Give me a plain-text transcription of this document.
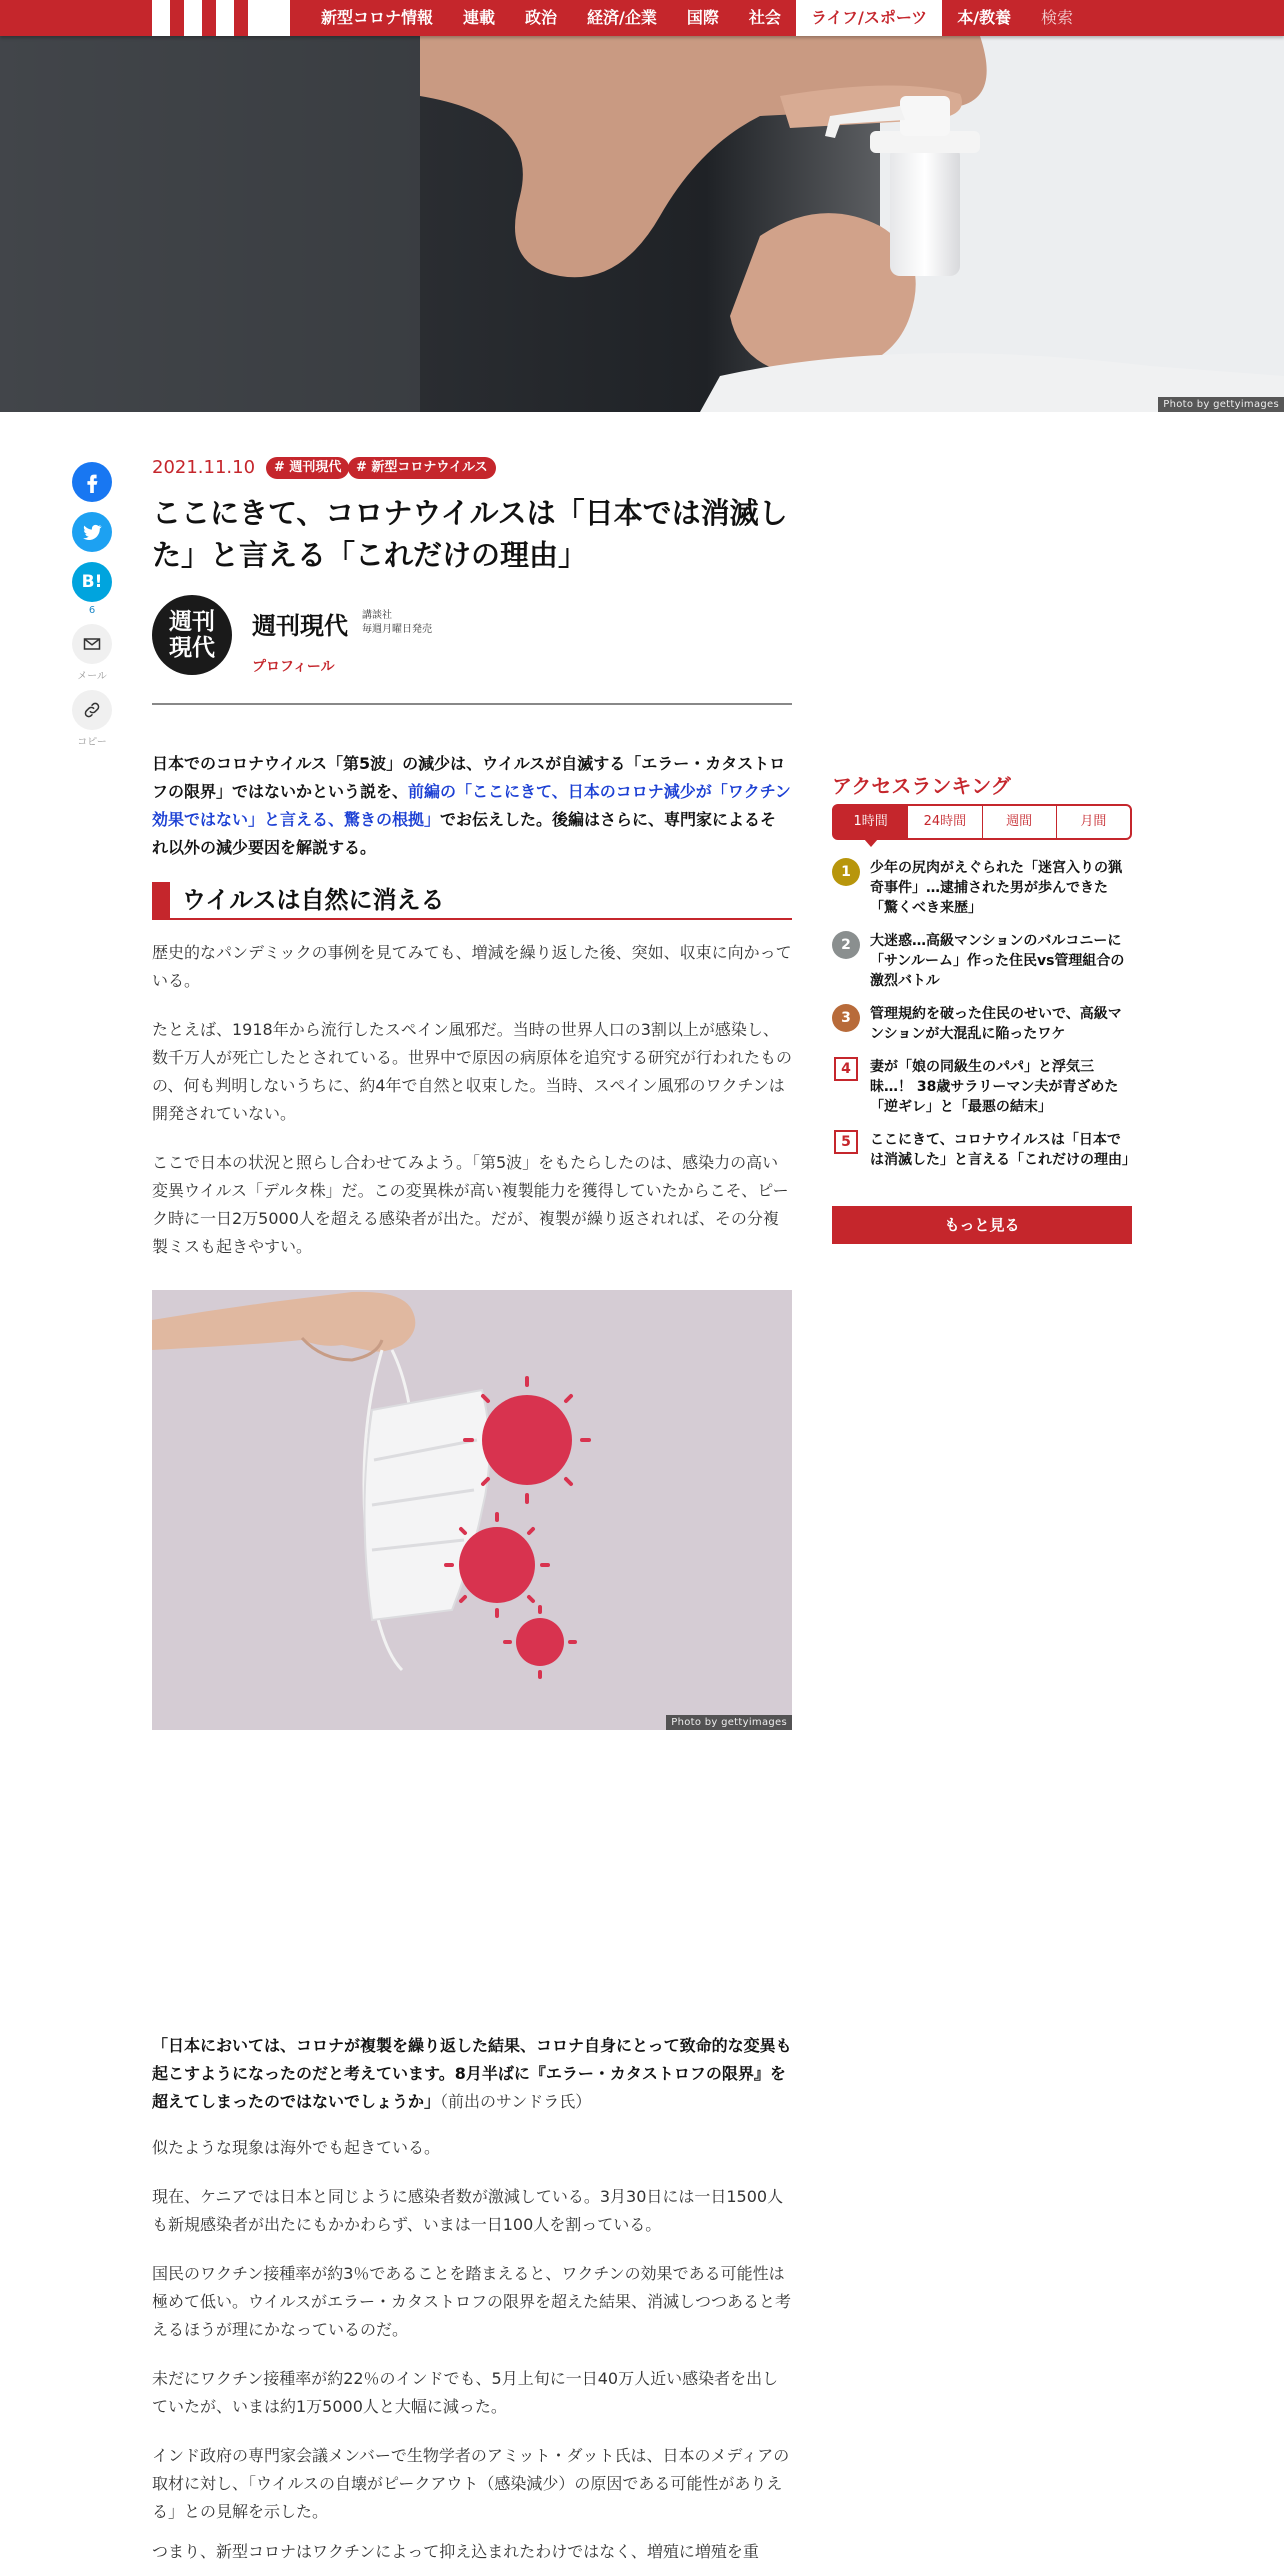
新型コロナ情報	連載	政治	経済/企業	国際	社会	ライフ/スポーツ	本/教養	検索
Photo by gettyimages
B!
6
メール
コピー
2021.11.10	# 週刊現代	# 新型コロナウイルス
ここにきて、コロナウイルスは「日本では消滅した」と言える「これだけの理由」
週刊
現代
週刊現代 講談社
毎週月曜日発売
プロフィール
日本でのコロナウイルス「第5波」の減少は、ウイルスが自滅する「エラー・カタストロフの限界」ではないかという説を、前編の「ここにきて、日本のコロナ減少が「ワクチン効果ではない」と言える、驚きの根拠」でお伝えした。後編はさらに、専門家によるそれ以外の減少要因を解説する。
ウイルスは自然に消える

歴史的なパンデミックの事例を見てみても、増減を繰り返した後、突如、収束に向かっている。

たとえば、1918年から流行したスペイン風邪だ。当時の世界人口の3割以上が感染し、数千万人が死亡したとされている。世界中で原因の病原体を追究する研究が行われたものの、何も判明しないうちに、約4年で自然と収束した。当時、スペイン風邪のワクチンは開発されていない。

ここで日本の状況と照らし合わせてみよう。「第5波」をもたらしたのは、感染力の高い変異ウイルス「デルタ株」だ。この変異株が高い複製能力を獲得していたからこそ、ピーク時に一日2万5000人を超える感染者が出た。だが、複製が繰り返されれば、その分複製ミスも起きやすい。

Photo by gettyimages

「日本においては、コロナが複製を繰り返した結果、コロナ自身にとって致命的な変異も起こすようになったのだと考えています。8月半ばに『エラー・カタストロフの限界』を超えてしまったのではないでしょうか」（前出のサンドラ氏）

似たような現象は海外でも起きている。

現在、ケニアでは日本と同じように感染者数が激減している。3月30日には一日1500人も新規感染者が出たにもかかわらず、いまは一日100人を割っている。

国民のワクチン接種率が約3％であることを踏まえると、ワクチンの効果である可能性は極めて低い。ウイルスがエラー・カタストロフの限界を超えた結果、消滅しつつあると考えるほうが理にかなっているのだ。

未だにワクチン接種率が約22％のインドでも、5月上旬に一日40万人近い感染者を出していたが、いまは約1万5000人と大幅に減った。

インド政府の専門家会議メンバーで生物学者のアミット・ダット氏は、日本のメディアの取材に対し、「ウイルスの自壊がピークアウト（感染減少）の原因である可能性がありえる」との見解を示した。

つまり、新型コロナはワクチンによって抑え込まれたわけではなく、増殖に増殖を重

アクセスランキング
1時間	24時間	週間	月間
1	少年の尻肉がえぐられた「迷宮入りの猟奇事件」…逮捕された男が歩んできた「驚くべき来歴」
2	大迷惑…高級マンションのバルコニーに「サンルーム」作った住民vs管理組合の激烈バトル
3	管理規約を破った住民のせいで、高級マンションが大混乱に陥ったワケ
4	妻が「娘の同級生のパパ」と浮気三昧…！ 38歳サラリーマン夫が青ざめた「逆ギレ」と「最悪の結末」
5	ここにきて、コロナウイルスは「日本では消滅した」と言える「これだけの理由」
もっと見る
